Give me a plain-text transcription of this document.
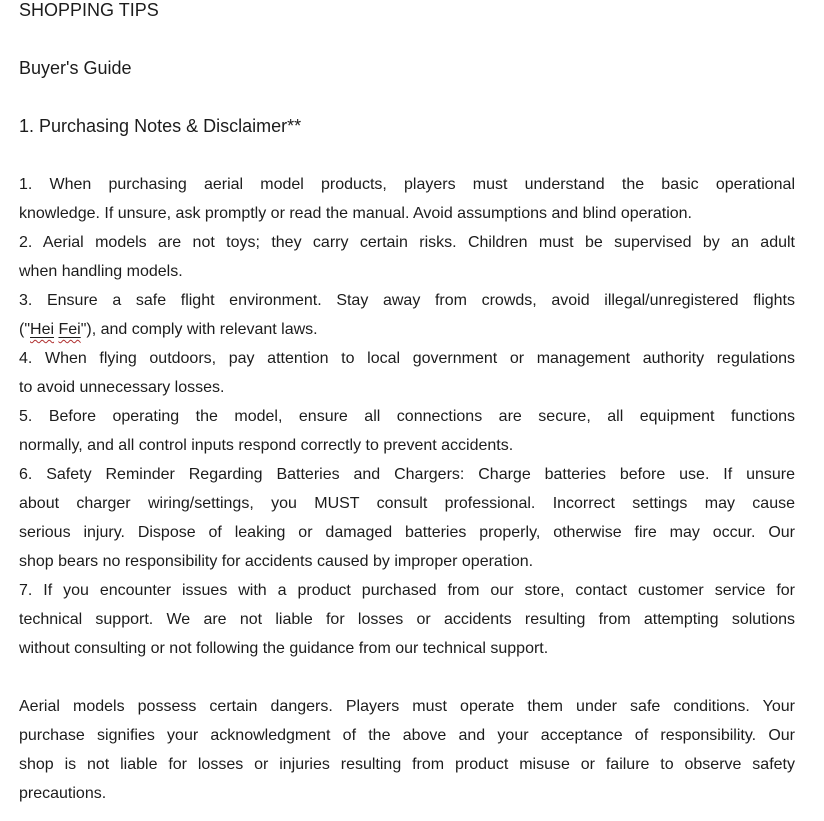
SHOPPING TIPS
Buyer's Guide
1. Purchasing Notes & Disclaimer**
1. When purchasing aerial model products, players must understand the basic operational
knowledge. If unsure, ask promptly or read the manual. Avoid assumptions and blind operation.
2. Aerial models are not toys; they carry certain risks. Children must be supervised by an adult
when handling models.
3. Ensure a safe flight environment. Stay away from crowds, avoid illegal/unregistered flights
("Hei Fei"), and comply with relevant laws.
4. When flying outdoors, pay attention to local government or management authority regulations
to avoid unnecessary losses.
5. Before operating the model, ensure all connections are secure, all equipment functions
normally, and all control inputs respond correctly to prevent accidents.
6. Safety Reminder Regarding Batteries and Chargers: Charge batteries before use. If unsure
about charger wiring/settings, you MUST consult professional. Incorrect settings may cause
serious injury. Dispose of leaking or damaged batteries properly, otherwise fire may occur. Our
shop bears no responsibility for accidents caused by improper operation.
7. If you encounter issues with a product purchased from our store, contact customer service for
technical support. We are not liable for losses or accidents resulting from attempting solutions
without consulting or not following the guidance from our technical support.
Aerial models possess certain dangers. Players must operate them under safe conditions. Your
purchase signifies your acknowledgment of the above and your acceptance of responsibility. Our
shop is not liable for losses or injuries resulting from product misuse or failure to observe safety
precautions.
